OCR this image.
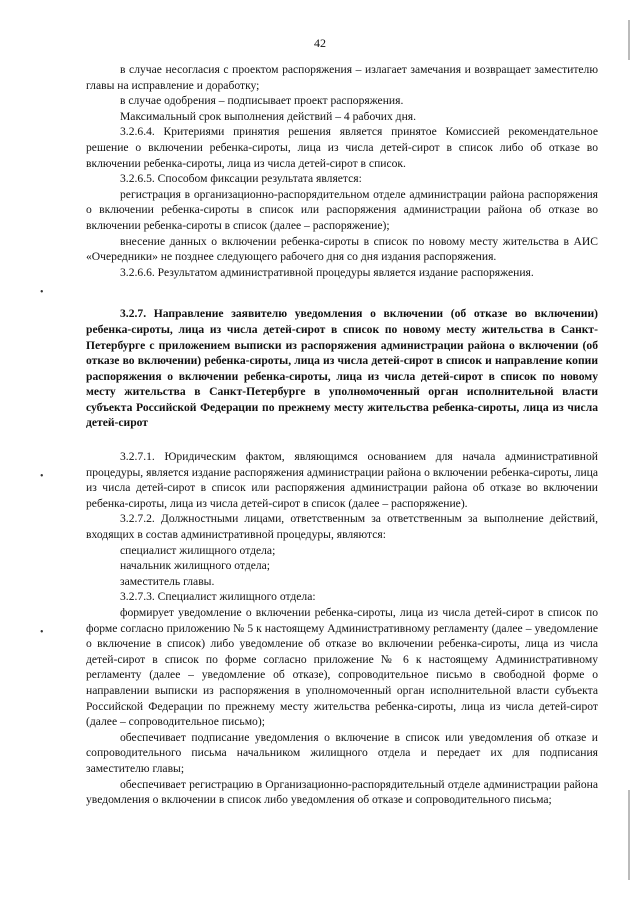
42

в случае несогласия с проектом распоряжения – излагает замечания и возвращает заместителю главы на исправление и доработку;

в случае одобрения – подписывает проект распоряжения.

Максимальный срок выполнения действий – 4 рабочих дня.

3.2.6.4. Критериями принятия решения является принятое Комиссией рекомендательное решение о включении ребенка-сироты, лица из числа детей-сирот в список либо об отказе во включении ребенка-сироты, лица из числа детей-сирот в список.

3.2.6.5. Способом фиксации результата является:

регистрация в организационно-распорядительном отделе администрации района распоряжения о включении ребенка-сироты в список или распоряжения администрации района об отказе во включении ребенка-сироты в список (далее – распоряжение);

внесение данных о включении ребенка-сироты в список по новому месту жительства в АИС «Очередники» не позднее следующего рабочего дня со дня издания распоряжения.

3.2.6.6. Результатом административной процедуры является издание распоряжения.

3.2.7. Направление заявителю уведомления о включении (об отказе во включении) ребенка-сироты, лица из числа детей-сирот в список по новому месту жительства в Санкт-Петербурге с приложением выписки из распоряжения администрации района о включении (об отказе во включении) ребенка-сироты, лица из числа детей-сирот в список и направление копии распоряжения о включении ребенка-сироты, лица из числа детей-сирот в список по новому месту жительства в Санкт-Петербурге в уполномоченный орган исполнительной власти субъекта Российской Федерации по прежнему месту жительства ребенка-сироты, лица из числа детей-сирот

3.2.7.1. Юридическим фактом, являющимся основанием для начала административной процедуры, является издание распоряжения администрации района о включении ребенка-сироты, лица из числа детей-сирот в список или распоряжения администрации района об отказе во включении ребенка-сироты, лица из числа детей-сирот в список (далее – распоряжение).

3.2.7.2. Должностными лицами, ответственным за ответственным за выполнение действий, входящих в состав административной процедуры, являются:

специалист жилищного отдела;

начальник жилищного отдела;

заместитель главы.

3.2.7.3. Специалист жилищного отдела:

формирует уведомление о включении ребенка-сироты, лица из числа детей-сирот в список по форме согласно приложению № 5 к настоящему Административному регламенту (далее – уведомление о включение в список) либо уведомление об отказе во включении ребенка-сироты, лица из числа детей-сирот в список по форме согласно приложение № 6 к настоящему Административному регламенту (далее – уведомление об отказе), сопроводительное письмо в свободной форме о направлении выписки из распоряжения в уполномоченный орган исполнительной власти субъекта Российской Федерации по прежнему месту жительства ребенка-сироты, лица из числа детей-сирот (далее – сопроводительное письмо);

обеспечивает подписание уведомления о включение в список или уведомления об отказе и сопроводительного письма начальником жилищного отдела и передает их для подписания заместителю главы;

обеспечивает регистрацию в Организационно-распорядительный отделе администрации района уведомления о включении в список либо уведомления об отказе и сопроводительного письма;

•
•
•
